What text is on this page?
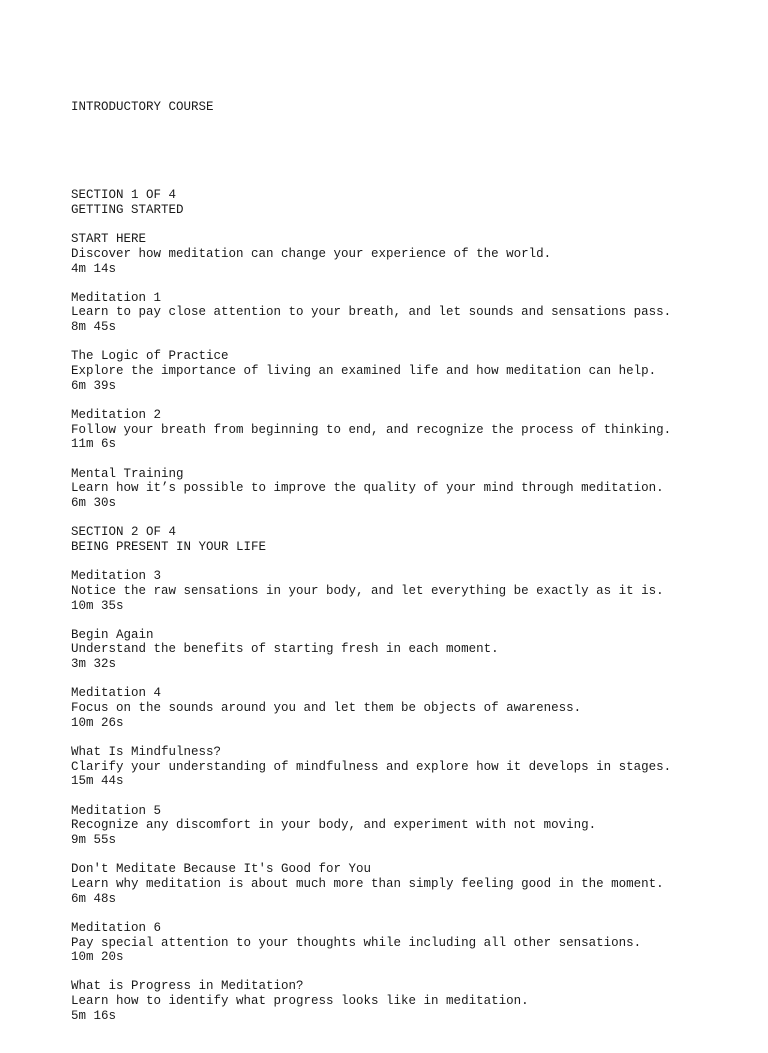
INTRODUCTORY COURSE

SECTION 1 OF 4
GETTING STARTED
START HERE
Discover how meditation can change your experience of the world.
4m 14s
Meditation 1
Learn to pay close attention to your breath, and let sounds and sensations pass.
8m 45s
The Logic of Practice
Explore the importance of living an examined life and how meditation can help.
6m 39s
Meditation 2
Follow your breath from beginning to end, and recognize the process of thinking.
11m 6s
Mental Training
Learn how it’s possible to improve the quality of your mind through meditation.
6m 30s
SECTION 2 OF 4
BEING PRESENT IN YOUR LIFE
Meditation 3
Notice the raw sensations in your body, and let everything be exactly as it is.
10m 35s
Begin Again
Understand the benefits of starting fresh in each moment.
3m 32s
Meditation 4
Focus on the sounds around you and let them be objects of awareness.
10m 26s
What Is Mindfulness?
Clarify your understanding of mindfulness and explore how it develops in stages.
15m 44s
Meditation 5
Recognize any discomfort in your body, and experiment with not moving.
9m 55s
Don't Meditate Because It's Good for You
Learn why meditation is about much more than simply feeling good in the moment.
6m 48s
Meditation 6
Pay special attention to your thoughts while including all other sensations.
10m 20s
What is Progress in Meditation?
Learn how to identify what progress looks like in meditation.
5m 16s
